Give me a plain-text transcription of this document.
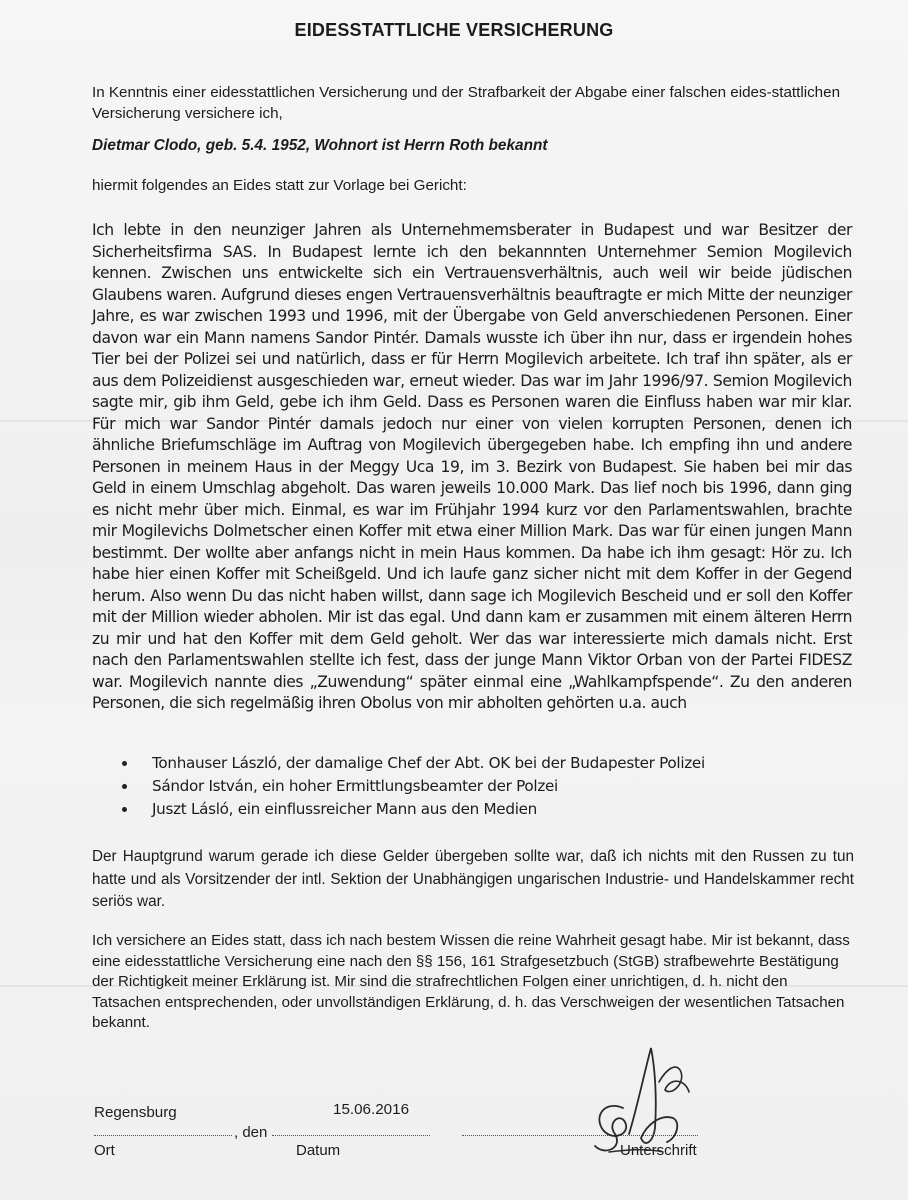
EIDESSTATTLICHE VERSICHERUNG
In Kenntnis einer eidesstattlichen Versicherung und der Strafbarkeit der Abgabe einer falschen eides-stattlichen Versicherung versichere ich,
Dietmar Clodo, geb. 5.4. 1952, Wohnort ist Herrn Roth bekannt
hiermit folgendes an Eides statt zur Vorlage bei Gericht:
Ich lebte in den neunziger Jahren als Unternehmemsberater in Budapest und war Besitzer der Sicherheitsfirma SAS. In Budapest lernte ich den bekannnten Unternehmer Semion Mogilevich kennen. Zwischen uns entwickelte sich ein Vertrauensverhältnis, auch weil wir beide jüdischen Glaubens waren. Aufgrund dieses engen Vertrauensverhältnis beauftragte er mich Mitte der neunziger Jahre, es war zwischen 1993 und 1996, mit der Übergabe von Geld anverschiedenen Personen. Einer davon war ein Mann namens Sandor Pintér. Damals wusste ich über ihn nur, dass er irgendein hohes Tier bei der Polizei sei und natürlich, dass er für Herrn Mogilevich arbeitete. Ich traf ihn später, als er aus dem Polizeidienst ausgeschieden war, erneut wieder. Das war im Jahr 1996/97. Semion Mogilevich sagte mir, gib ihm Geld, gebe ich ihm Geld. Dass es Personen waren die Einfluss haben war mir klar. Für mich war Sandor Pintér damals jedoch nur einer von vielen korrupten Personen, denen ich ähnliche Briefumschläge im Auftrag von Mogilevich übergegeben habe. Ich empfing ihn und andere Personen in meinem Haus in der Meggy Uca 19, im 3. Bezirk von Budapest. Sie haben bei mir das Geld in einem Umschlag abgeholt. Das waren jeweils 10.000 Mark. Das lief noch bis 1996, dann ging es nicht mehr über mich. Einmal, es war im Frühjahr 1994 kurz vor den Parlamentswahlen, brachte mir Mogilevichs Dolmetscher einen Koffer mit etwa einer Million Mark. Das war für einen jungen Mann bestimmt. Der wollte aber anfangs nicht in mein Haus kommen. Da habe ich ihm gesagt: Hör zu. Ich habe hier einen Koffer mit Scheißgeld. Und ich laufe ganz sicher nicht mit dem Koffer in der Gegend herum. Also wenn Du das nicht haben willst, dann sage ich Mogilevich Bescheid und er soll den Koffer mit der Million wieder abholen. Mir ist das egal. Und dann kam er zusammen mit einem älteren Herrn zu mir und hat den Koffer mit dem Geld geholt. Wer das war interessierte mich damals nicht. Erst nach den Parlamentswahlen stellte ich fest, dass der junge Mann Viktor Orban von der Partei FIDESZ war. Mogilevich nannte dies „Zuwendung“ später einmal eine „Wahlkampfspende“. Zu den anderen Personen, die sich regelmäßig ihren Obolus von mir abholten gehörten u.a. auch
Tonhauser László, der damalige Chef der Abt. OK bei der Budapester Polizei
Sándor István, ein hoher Ermittlungsbeamter der Polzei
Juszt Lásló, ein einflussreicher Mann aus den Medien
Der Hauptgrund warum gerade ich diese Gelder übergeben sollte war, daß ich nichts mit den Russen zu tun hatte und als Vorsitzender der intl. Sektion der Unabhängigen ungarischen Industrie- und Handelskammer recht seriös war.
Ich versichere an Eides statt, dass ich nach bestem Wissen die reine Wahrheit gesagt habe. Mir ist bekannt, dass eine eidesstattliche Versicherung eine nach den §§ 156, 161 Strafgesetzbuch (StGB) strafbewehrte Bestätigung der Richtigkeit meiner Erklärung ist. Mir sind die strafrechtlichen Folgen einer unrichtigen, d. h. nicht den Tatsachen entsprechenden, oder unvollständigen Erklärung, d. h. das Verschweigen der wesentlichen Tatsachen bekannt.
Regensburg	15.06.2016
, den
Ort	Datum	Unterschrift
